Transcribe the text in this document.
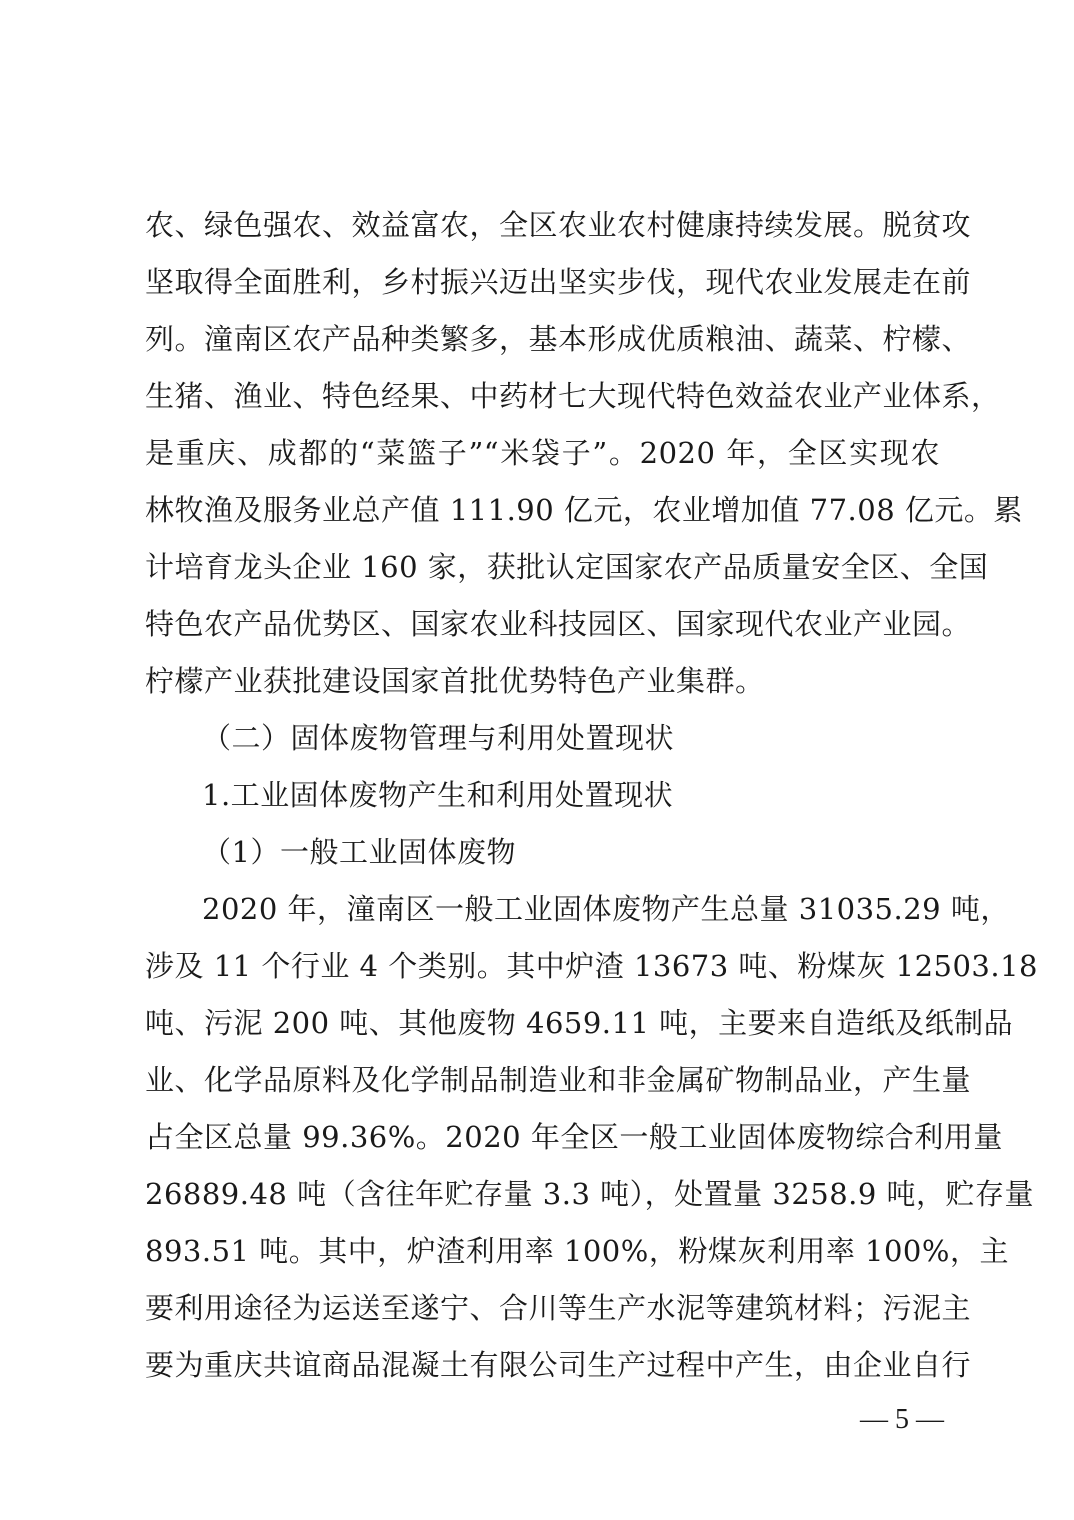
农、绿色强农、效益富农，全区农业农村健康持续发展。脱贫攻
坚取得全面胜利，乡村振兴迈出坚实步伐，现代农业发展走在前
列。潼南区农产品种类繁多，基本形成优质粮油、蔬菜、柠檬、
生猪、渔业、特色经果、中药材七大现代特色效益农业产业体系，
是重庆、成都的“菜篮子”“米袋子”。2020 年，全区实现农
林牧渔及服务业总产值 111.90 亿元，农业增加值 77.08 亿元。累
计培育龙头企业 160 家，获批认定国家农产品质量安全区、全国
特色农产品优势区、国家农业科技园区、国家现代农业产业园。
柠檬产业获批建设国家首批优势特色产业集群。
（二）固体废物管理与利用处置现状
1.工业固体废物产生和利用处置现状
（1）一般工业固体废物
2020 年，潼南区一般工业固体废物产生总量 31035.29 吨，
涉及 11 个行业 4 个类别。其中炉渣 13673 吨、粉煤灰 12503.18
吨、污泥 200 吨、其他废物 4659.11 吨，主要来自造纸及纸制品
业、化学品原料及化学制品制造业和非金属矿物制品业，产生量
占全区总量 99.36%。2020 年全区一般工业固体废物综合利用量
26889.48 吨（含往年贮存量 3.3 吨），处置量 3258.9 吨，贮存量
893.51 吨。其中，炉渣利用率 100%，粉煤灰利用率 100%，主
要利用途径为运送至遂宁、合川等生产水泥等建筑材料；污泥主
要为重庆共谊商品混凝土有限公司生产过程中产生，由企业自行
— 5 —
